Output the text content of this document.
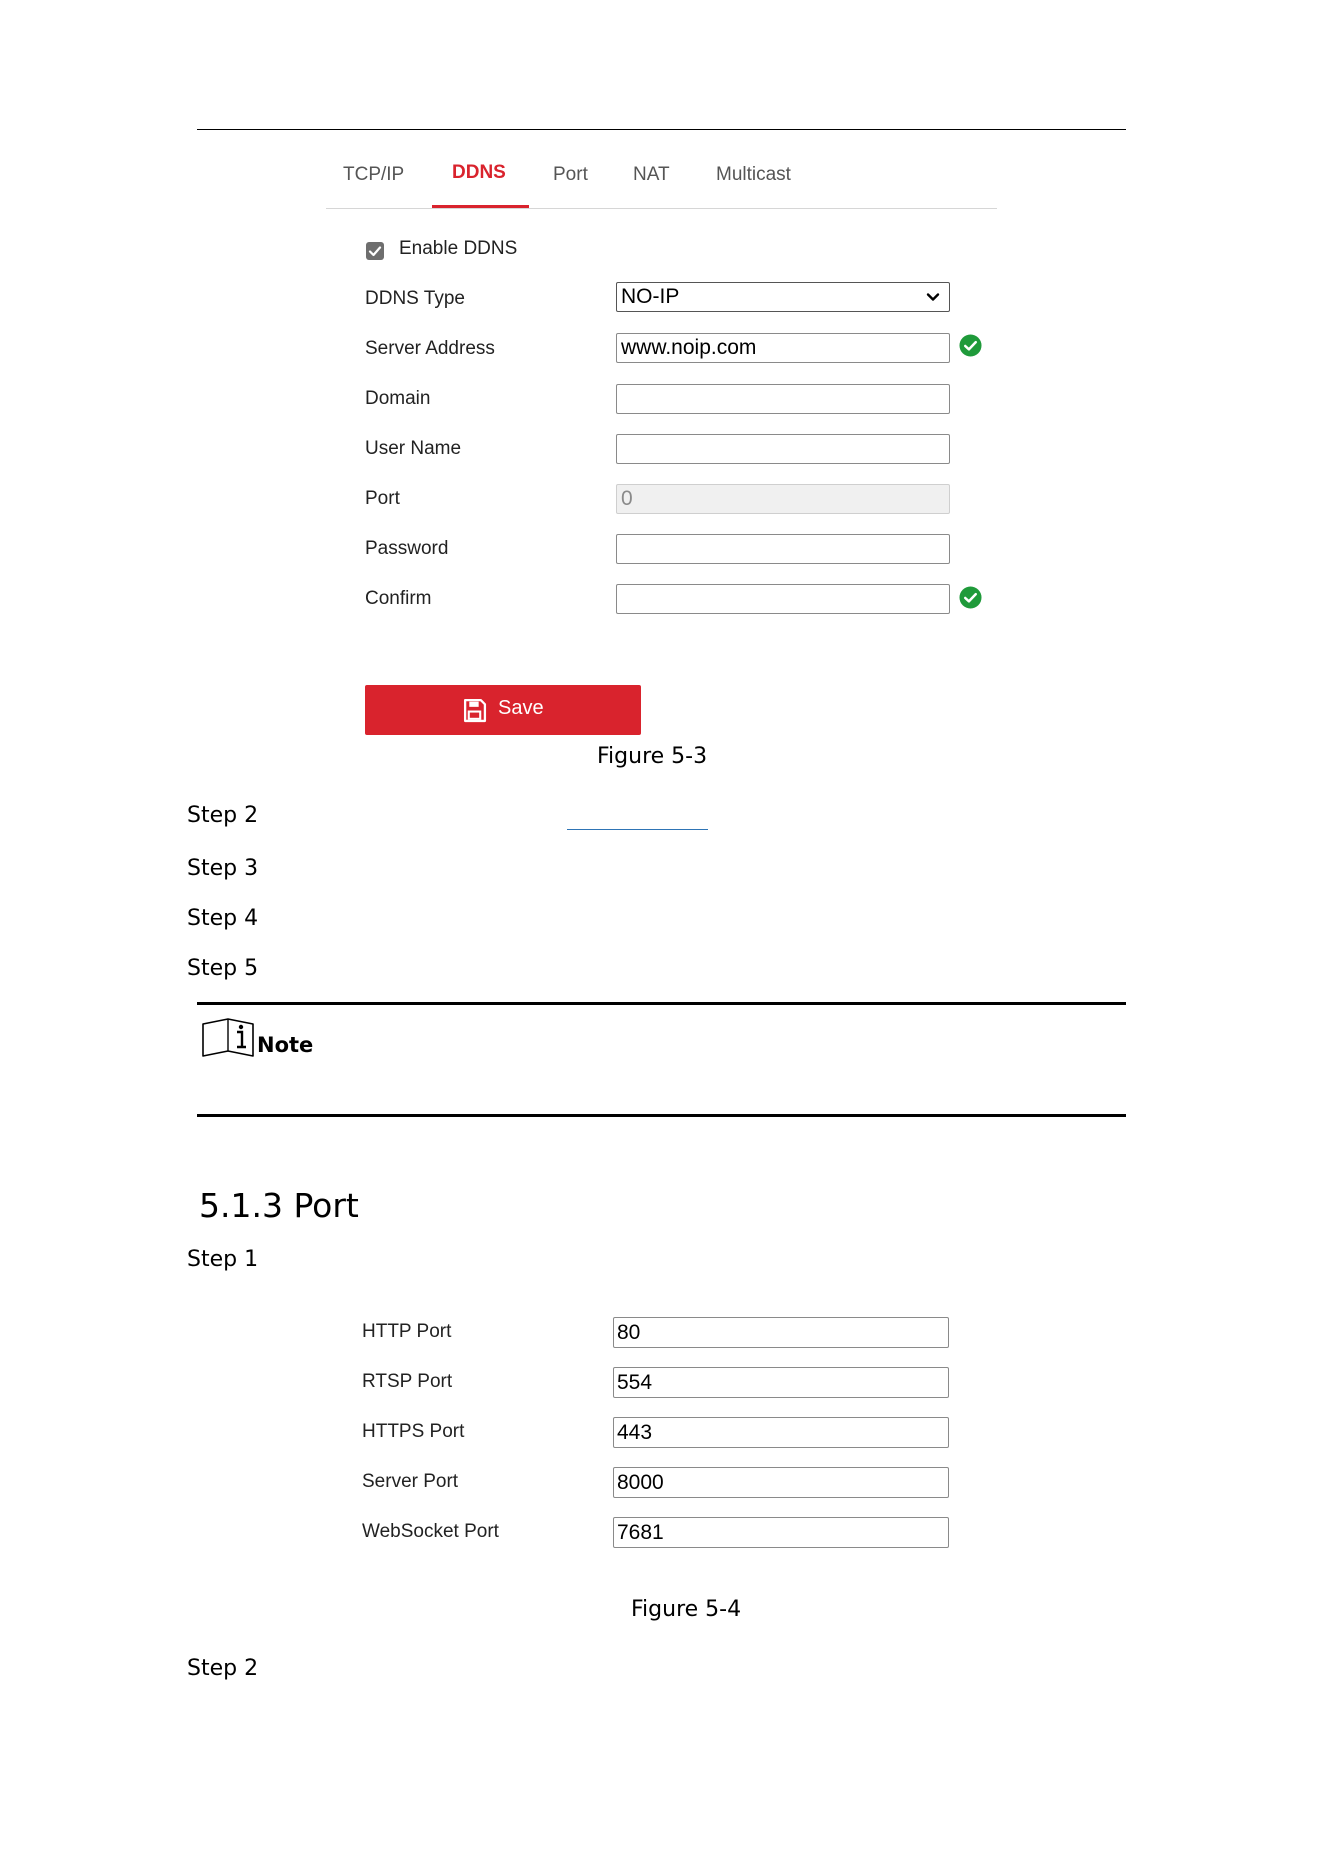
TCP/IP	DDNS Port NAT Multicast
Enable DDNS
DDNS Type	NO-IP
Server Address	www.noip.com
Domain
User Name
Port	0
Password
Confirm
Save
Figure 5-3
Step 2
Step 3
Step 4
Step 5
Note
5.1.3 Port
Step 1
HTTP Port	80
RTSP Port	554
HTTPS Port	443
Server Port	8000
WebSocket Port	7681
Figure 5-4
Step 2
